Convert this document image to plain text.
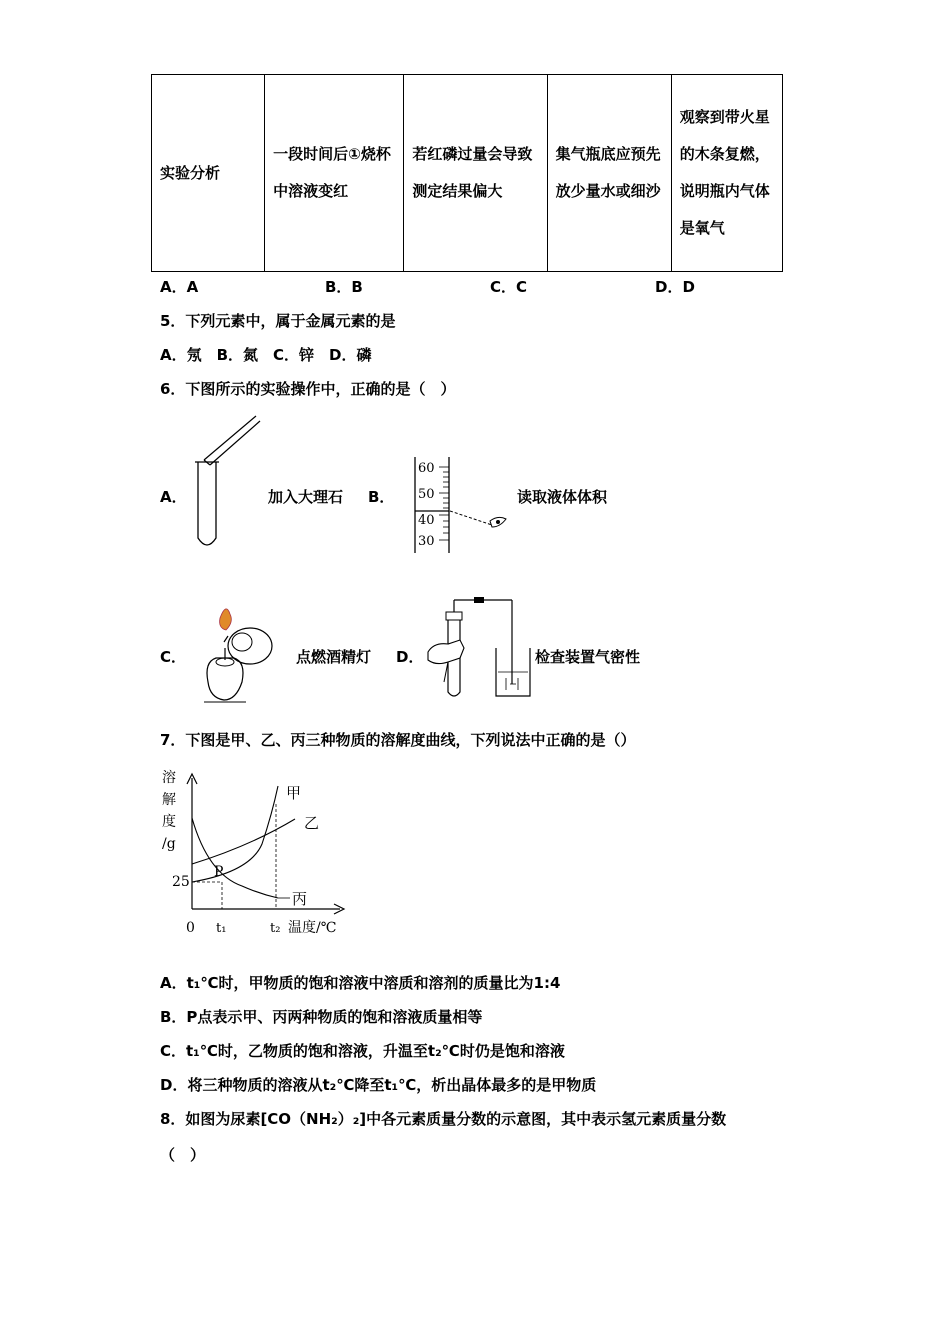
实验分析	一段时间后①烧杯中溶液变红	若红磷过量会导致测定结果偏大	集气瓶底应预先放少量水或细沙	观察到带火星的木条复燃，说明瓶内气体是氧气
A．A	B．B	C．C	D．D
5．下列元素中，属于金属元素的是
A．氖　B．氮　C．锌　D．磷
6．下图所示的实验操作中，正确的是（　）
A．	加入大理石 B．
60
50
40
30
读取液体体积
C．	点燃酒精灯 D．	检查装置气密性
7．下图是甲、乙、丙三种物质的溶解度曲线，下列说法中正确的是（）
溶
解
度
/g
P
甲
乙
丙
25
0 t₁	t₂ 温度/℃
A．t₁℃时，甲物质的饱和溶液中溶质和溶剂的质量比为1:4
B．P点表示甲、丙两种物质的饱和溶液质量相等
C．t₁℃时，乙物质的饱和溶液，升温至t₂℃时仍是饱和溶液
D．将三种物质的溶液从t₂℃降至t₁℃，析出晶体最多的是甲物质
8．如图为尿素[CO（NH₂）₂]中各元素质量分数的示意图，其中表示氢元素质量分数
（　）
